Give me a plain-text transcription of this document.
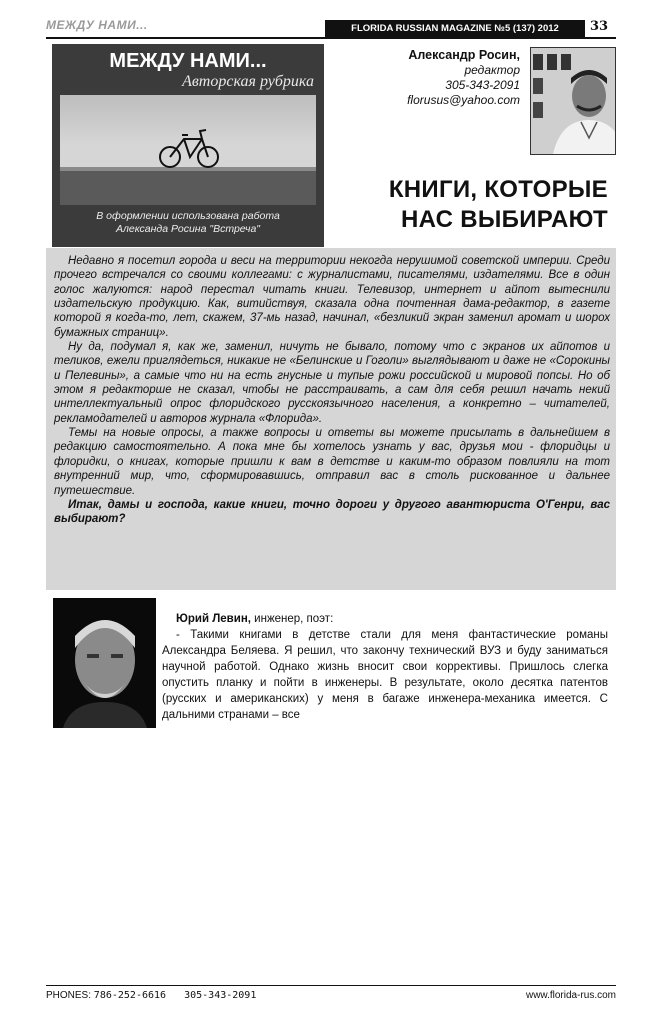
МЕЖДУ НАМИ...	FLORIDA RUSSIAN MAGAZINE №5 (137) 2012	33
МЕЖДУ НАМИ...
Авторская рубрика
В оформлении использована работа
Александа Росина "Встреча"
Александр Росин,
редактор
305-343-2091
florusus@yahoo.com
КНИГИ, КОТОРЫЕ
НАС ВЫБИРАЮТ

Недавно я посетил города и веси на территории некогда нерушимой советской империи. Среди прочего встречался со своими коллегами: с журналистами, писателями, издателями. Все в один голос жалуются: народ перестал читать книги. Телевизор, интернет и айпот вытеснили издательскую продукцию. Как, витийствуя, сказала одна почтенная дама-редактор, в газете которой я когда-то, лет, скажем, 37-мь назад, начинал, «безликий экран заменил аромат и шорох бумажных страниц».

Ну да, подумал я, как же, заменил, ничуть не бывало, потому что с экранов их айпотов и теликов, ежели приглядеться, никакие не «Белинские и Гоголи» выглядывают и даже не «Сорокины и Пелевины», а самые что ни на есть гнусные и тупые рожи российской и мировой попсы. Но об этом я редакторше не сказал, чтобы не расстраивать, а сам для себя решил начать некий интеллектуальный опрос флоридского русскоязычного населения, а конкретно – читателей, рекламодателей и авторов журнала «Флорида».

Темы на новые опросы, а также вопросы и ответы вы можете присылать в дальнейшем в редакцию самостоятельно. А пока мне бы хотелось узнать у вас, друзья мои - флоридцы и флоридки, о книгах, которые пришли к вам в детстве и каким-то образом повлияли на тот внутренний мир, что, сформировавшись, отправил вас в столь рискованное и дальнее путешествие.

Итак, дамы и господа, какие книги, точно дороги у другого авантюриста О'Генри, вас выбирают?

Юрий Левин, инженер, поэт:

- Такими книгами в детстве стали для меня фантастические романы Александра Беляева. Я решил, что закончу технический ВУЗ и буду заниматься научной работой. Однако жизнь вносит свои коррективы. Пришлось слегка опустить планку и пойти в инженеры. В результате, около десятка патентов (русских и американских) у меня в багаже инженера-механика имеется. С дальними странами – все

PHONES: 786-252-6616   305-343-2091	www.florida-rus.com
